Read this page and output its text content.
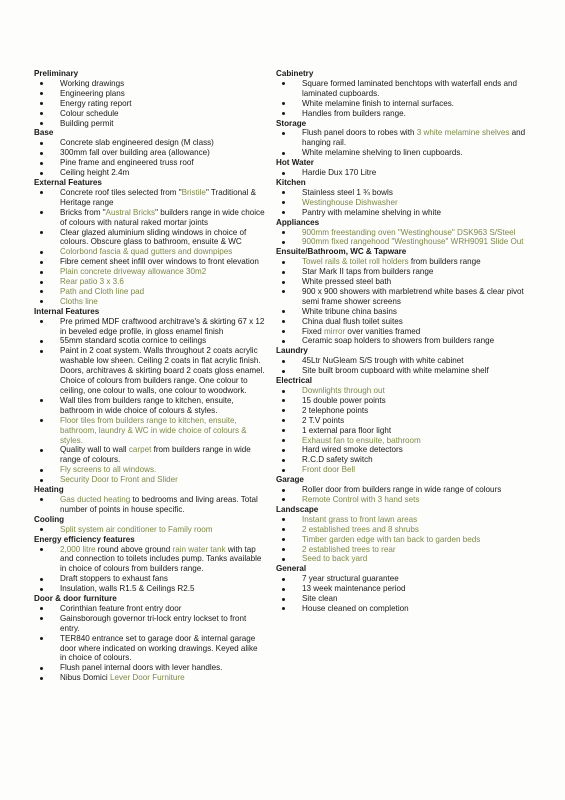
Preliminary
Working drawings
Engineering plans
Energy rating report
Colour schedule
Building permit
Base
Concrete slab engineered design (M class)
300mm fall over building area (allowance)
Pine frame and engineered truss roof
Ceiling height 2.4m
External Features
Concrete roof tiles selected from "Bristile" Traditional & Heritage range
Bricks from "Austral Bricks" builders range in wide choice of colours with natural raked mortar joints
Clear glazed aluminium sliding windows in choice of colours. Obscure glass to bathroom, ensuite & WC
Colorbond fascia & quad gutters and downpipes
Fibre cement sheet infill over windows to front elevation
Plain concrete driveway allowance 30m2
Rear patio 3 x 3.6
Path and Cloth line pad
Cloths line
Internal Features
Pre primed MDF craftwood architrave's & skirting 67 x 12 in beveled edge profile, in gloss enamel finish
55mm standard scotia cornice to ceilings
Paint in 2 coat system. Walls throughout 2 coats acrylic washable low sheen. Ceiling 2 coats in flat acrylic finish. Doors, architraves & skirting board 2 coats gloss enamel. Choice of colours from builders range. One colour to ceiling, one colour to walls, one colour to woodwork.
Wall tiles from builders range to kitchen, ensuite, bathroom in wide choice of colours & styles.
Floor tiles from builders range to kitchen, ensuite, bathroom, laundry & WC in wide choice of colours & styles.
Quality wall to wall carpet from builders range in wide range of colours.
Fly screens to all windows.
Security Door to Front and Slider
Heating
Gas ducted heating to bedrooms and living areas. Total number of points in house specific.
Cooling
Split system air conditioner to Family room
Energy efficiency features
2,000 litre round above ground rain water tank with tap and connection to toilets includes pump. Tanks available in choice of colours from builders range.
Draft stoppers to exhaust fans
Insulation, walls R1.5 & Ceilings R2.5
Door & door furniture
Corinthian feature front entry door
Gainsborough governor tri-lock entry lockset to front entry.
TER840 entrance set to garage door & internal garage door where indicated on working drawings. Keyed alike in choice of colours.
Flush panel internal doors with lever handles.
Nibus Domici Lever Door Furniture
Cabinetry
Square formed laminated benchtops with waterfall ends and laminated cupboards.
White melamine finish to internal surfaces.
Handles from builders range.
Storage
Flush panel doors to robes with 3 white melamine shelves and hanging rail.
White melamine shelving to linen cupboards.
Hot Water
Hardie Dux 170 Litre
Kitchen
Stainless steel 1 ¾ bowls
Westinghouse Dishwasher
Pantry with melamine shelving in white
Appliances
900mm freestanding oven "Westinghouse" DSK963 S/Steel
900mm fixed rangehood "Westinghouse" WRH9091 Slide Out
Ensuite/Bathroom, WC & Tapware
Towel rails & toilet roll holders from builders range
Star Mark II taps from builders range
White pressed steel bath
900 x 900 showers with marbletrend white bases & clear pivot semi frame shower screens
White tribune china basins
China dual flush toilet suites
Fixed mirror over vanities framed
Ceramic soap holders to showers from builders range
Laundry
45Ltr NuGleam S/S trough with white cabinet
Site built broom cupboard with white melamine shelf
Electrical
Downlights through out
15 double power points
2 telephone points
2 T.V points
1 external para floor light
Exhaust fan to ensuite, bathroom
Hard wired smoke detectors
R.C.D safety switch
Front door Bell
Garage
Roller door from builders range in wide range of colours
Remote Control with 3 hand sets
Landscape
Instant grass to front lawn areas
2 established trees and 8 shrubs
Timber garden edge with tan back to garden beds
2 established trees to rear
Seed to back yard
General
7 year structural guarantee
13 week maintenance period
Site clean
House cleaned on completion
